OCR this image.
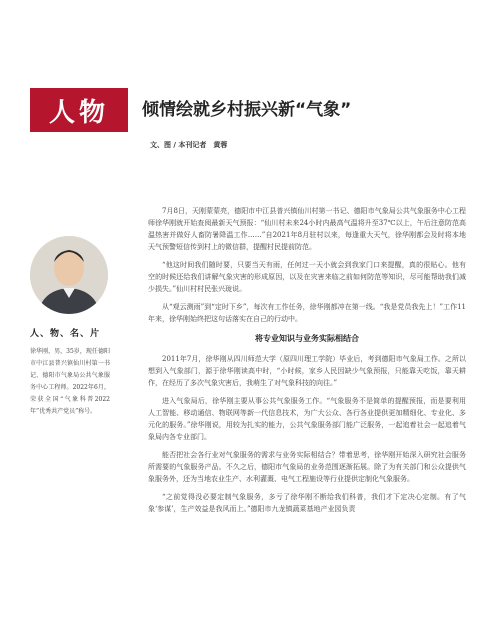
人物	倾情绘就乡村振兴新“气象”
文、图 / 本刊记者　黄蓉
人、物、名、片
徐华刚，男，35岁，现任德阳市中江县普兴镇仙川村第一书记、德阳市气象局公共气象服务中心工程师。2022年6月，荣获全国“气象科普2022年”优秀共产党员”称号。

7月8日，天刚蒙蒙亮，德阳市中江县普兴镇仙川村第一书记、德阳市气象局公共气象服务中心工程师徐华刚就开始查阅最新天气预报：“仙川村未来24小时内最高气温将升至37℃以上，午后注意防范高温热害并做好人畜防暑降温工作……”自2021年8月驻村以来，每逢重大天气，徐华刚都会及时将本地天气预警短信传到村上的微信群，提醒村民提前防范。

“他这时间我们随时要，只要当天有雨，任何过一天小就会到我家门口来提醒，真的很贴心。他有空的时候还给我们讲解气象灾害的形成原因，以及在灾害来临之前如何防范等知识，尽可能帮助我们减少损失。”仙川村村民张兴珑说。

从“观云测雨”到“定时下乡”，每次有工作任务，徐华刚都冲在第一线。“我是党员我先上！”工作11年来，徐华刚始终把这句话落实在自己的行动中。

将专业知识与业务实际相结合

2011年7月，徐华刚从四川师范大学（原四川理工学院）毕业后，考到德阳市气象局工作。之所以想到入气象部门，源于徐华刚读高中时，“小时候，家乡人民因缺少气象预报，只能靠天吃饭，靠天耕作，在经历了多次气象灾害后，我萌生了对气象科技的向往。”

进入气象局后，徐华刚主要从事公共气象服务工作。“气象服务不是简单的提醒预报，而是要利用人工智能、移动通信、物联网等新一代信息技术，为广大公众、各行各业提供更加精细化、专业化、多元化的服务。”徐华刚说，用较为扎实的能力，公共气象服务部门能广泛服务，一起追着社会一起追着气象局内各专业部门。

能否把社会各行业对气象服务的需求与业务实际相结合？带着思考，徐华刚开始深入研究社会服务所需要的气象服务产品。不久之后，德阳市气象局的业务范围逐渐拓展。除了为有关部门和公众提供气象服务外，还为当地农业生产、水利灌溉、电气工程施设等行业提供定制化气象服务。

“之前觉得没必要定制气象服务，多亏了徐华刚不断给我们科普，我们才下定决心定制。有了气象‘参谋’，生产效益是我风而上。”德阳市九龙镇蔬菜基地产业园负责
